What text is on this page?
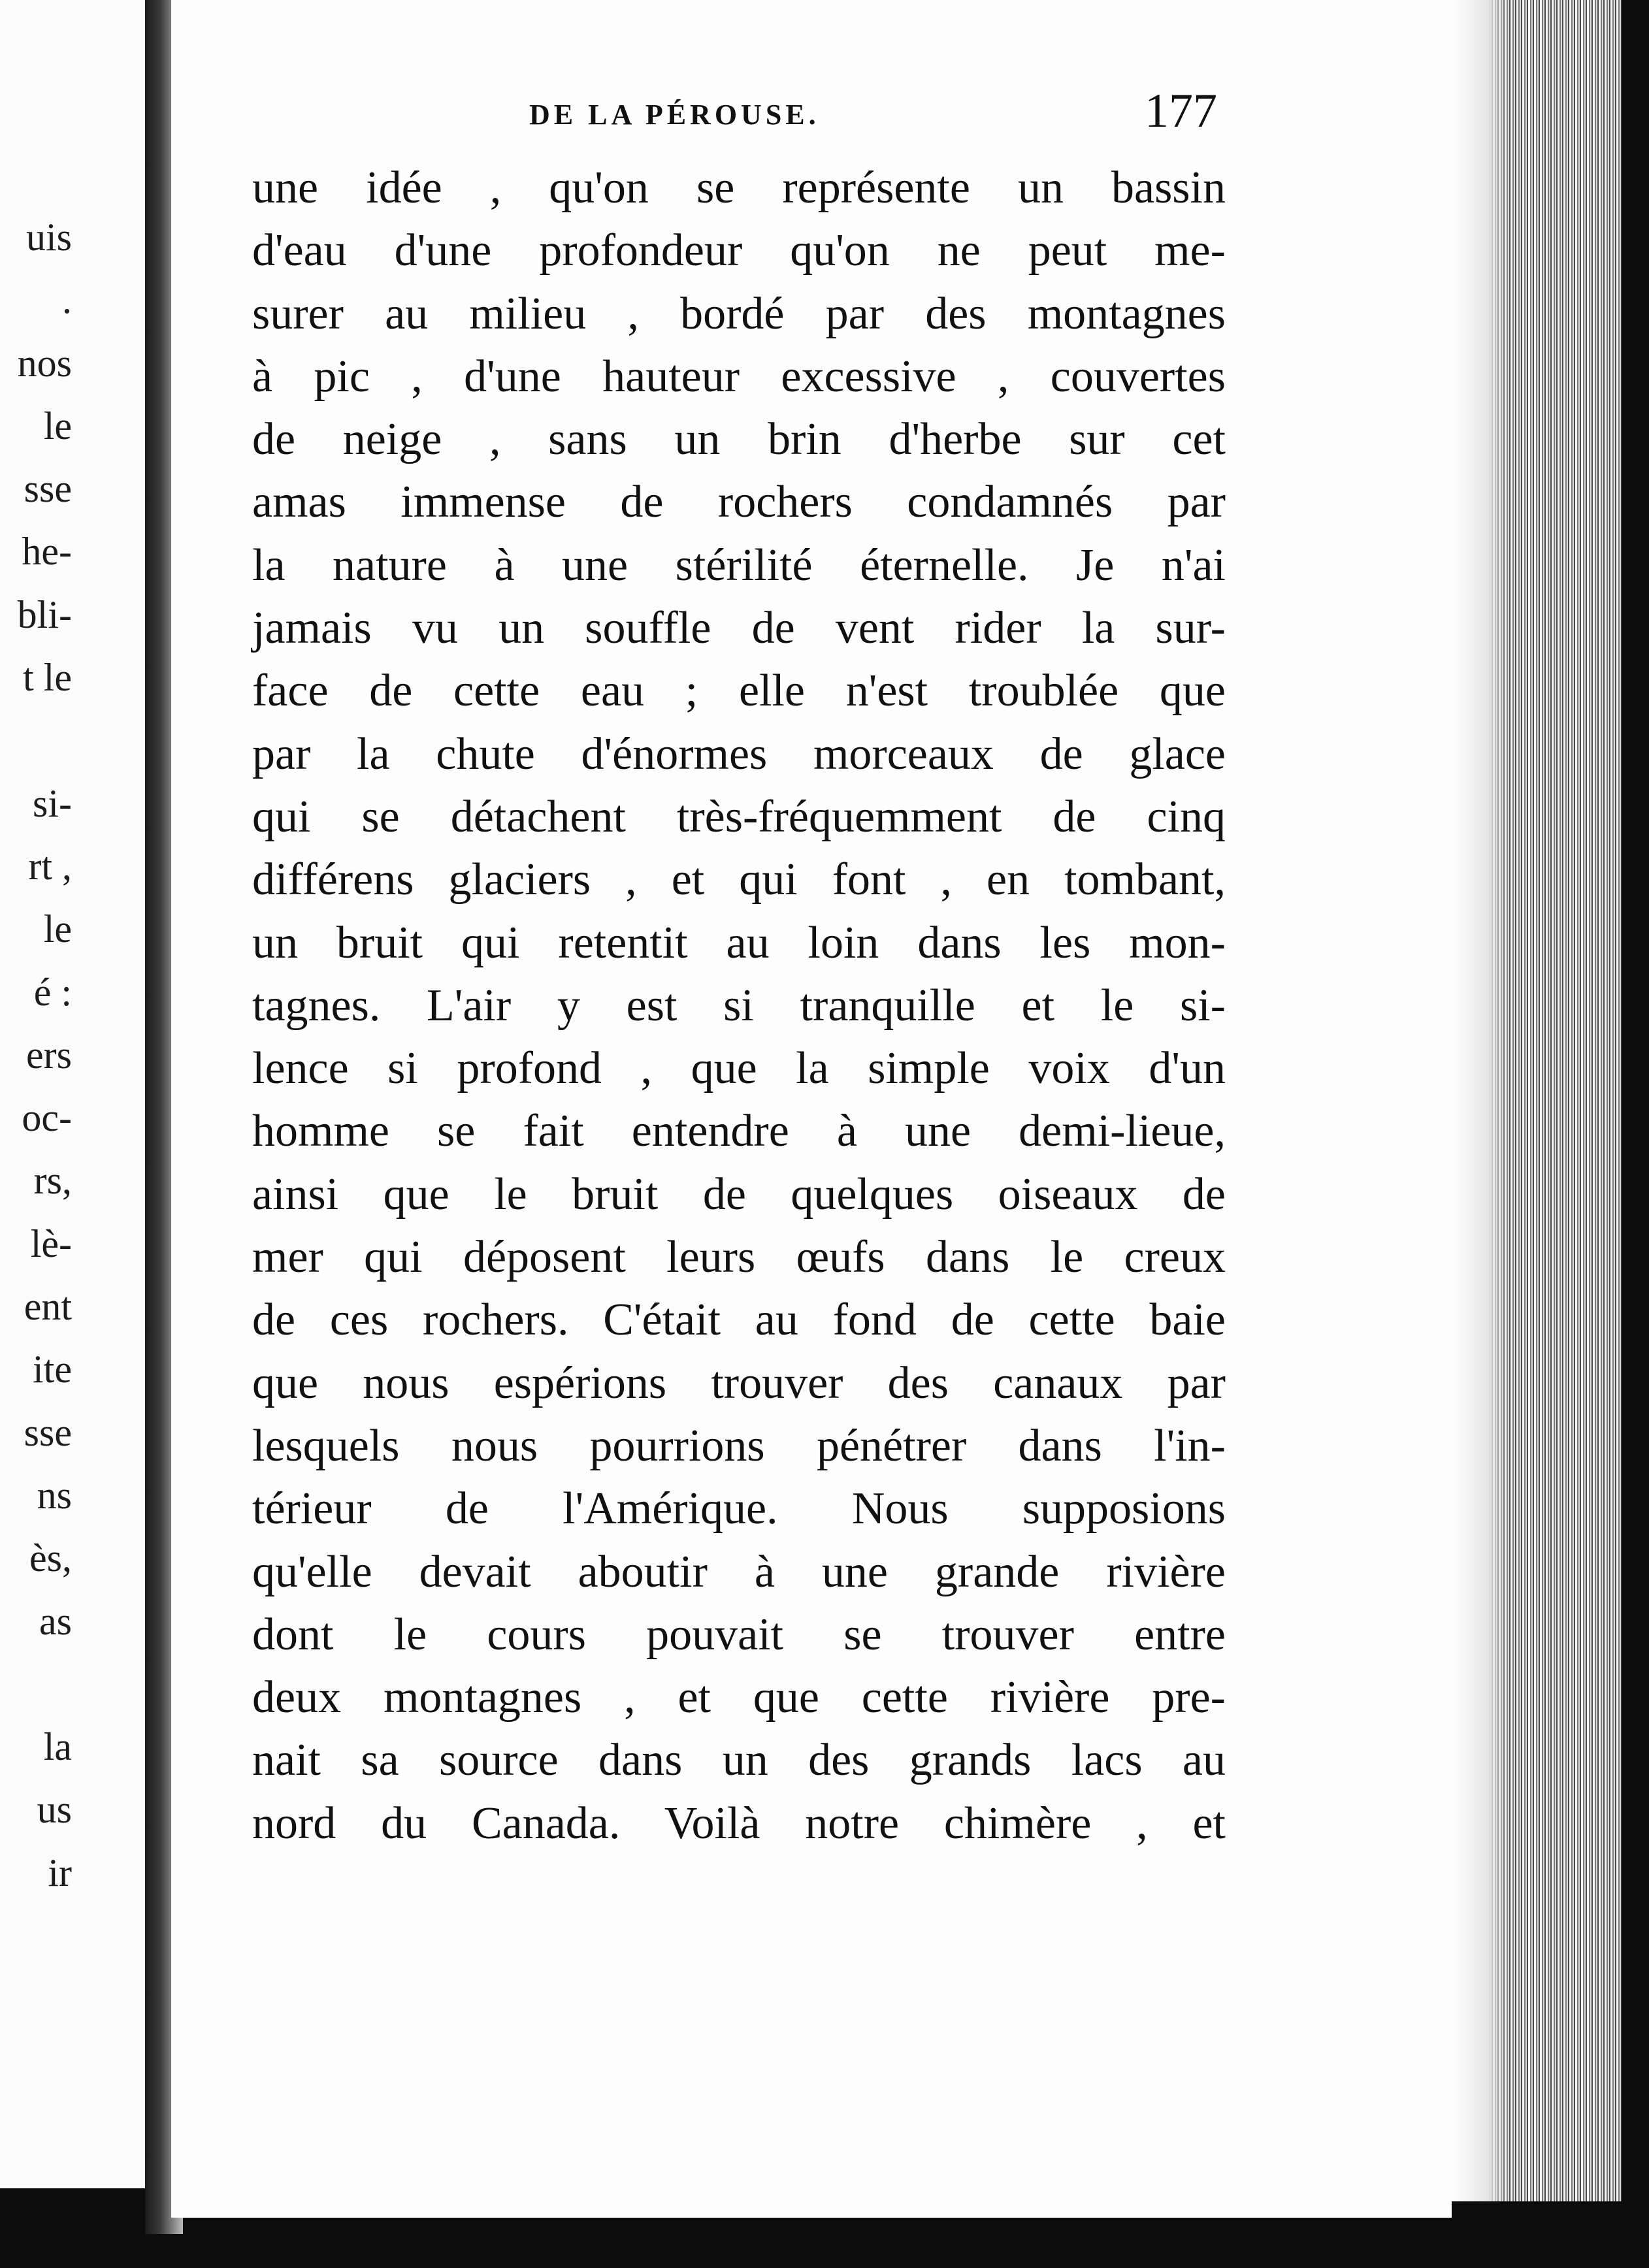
uis
.
nos
le
sse
he-
bli-
t le
si-
rt ,
le
é :
ers
oc-
rs,
lè-
ent
ite
sse
ns
ès,
as
la
us
ir
DE LA PÉROUSE.	177
une idée , qu'on se représente un bassin
d'eau d'une profondeur qu'on ne peut me-
surer au milieu , bordé par des montagnes
à pic , d'une hauteur excessive , couvertes
de neige , sans un brin d'herbe sur cet
amas immense de rochers condamnés par
la nature à une stérilité éternelle. Je n'ai
jamais vu un souffle de vent rider la sur-
face de cette eau ; elle n'est troublée que
par la chute d'énormes morceaux de glace
qui se détachent très-fréquemment de cinq
différens glaciers , et qui font , en tombant,
un bruit qui retentit au loin dans les mon-
tagnes. L'air y est si tranquille et le si-
lence si profond , que la simple voix d'un
homme se fait entendre à une demi-lieue,
ainsi que le bruit de quelques oiseaux de
mer qui déposent leurs œufs dans le creux
de ces rochers. C'était au fond de cette baie
que nous espérions trouver des canaux par
lesquels nous pourrions pénétrer dans l'in-
térieur de l'Amérique. Nous supposions
qu'elle devait aboutir à une grande rivière
dont le cours pouvait se trouver entre
deux montagnes , et que cette rivière pre-
nait sa source dans un des grands lacs au
nord du Canada. Voilà notre chimère , et
